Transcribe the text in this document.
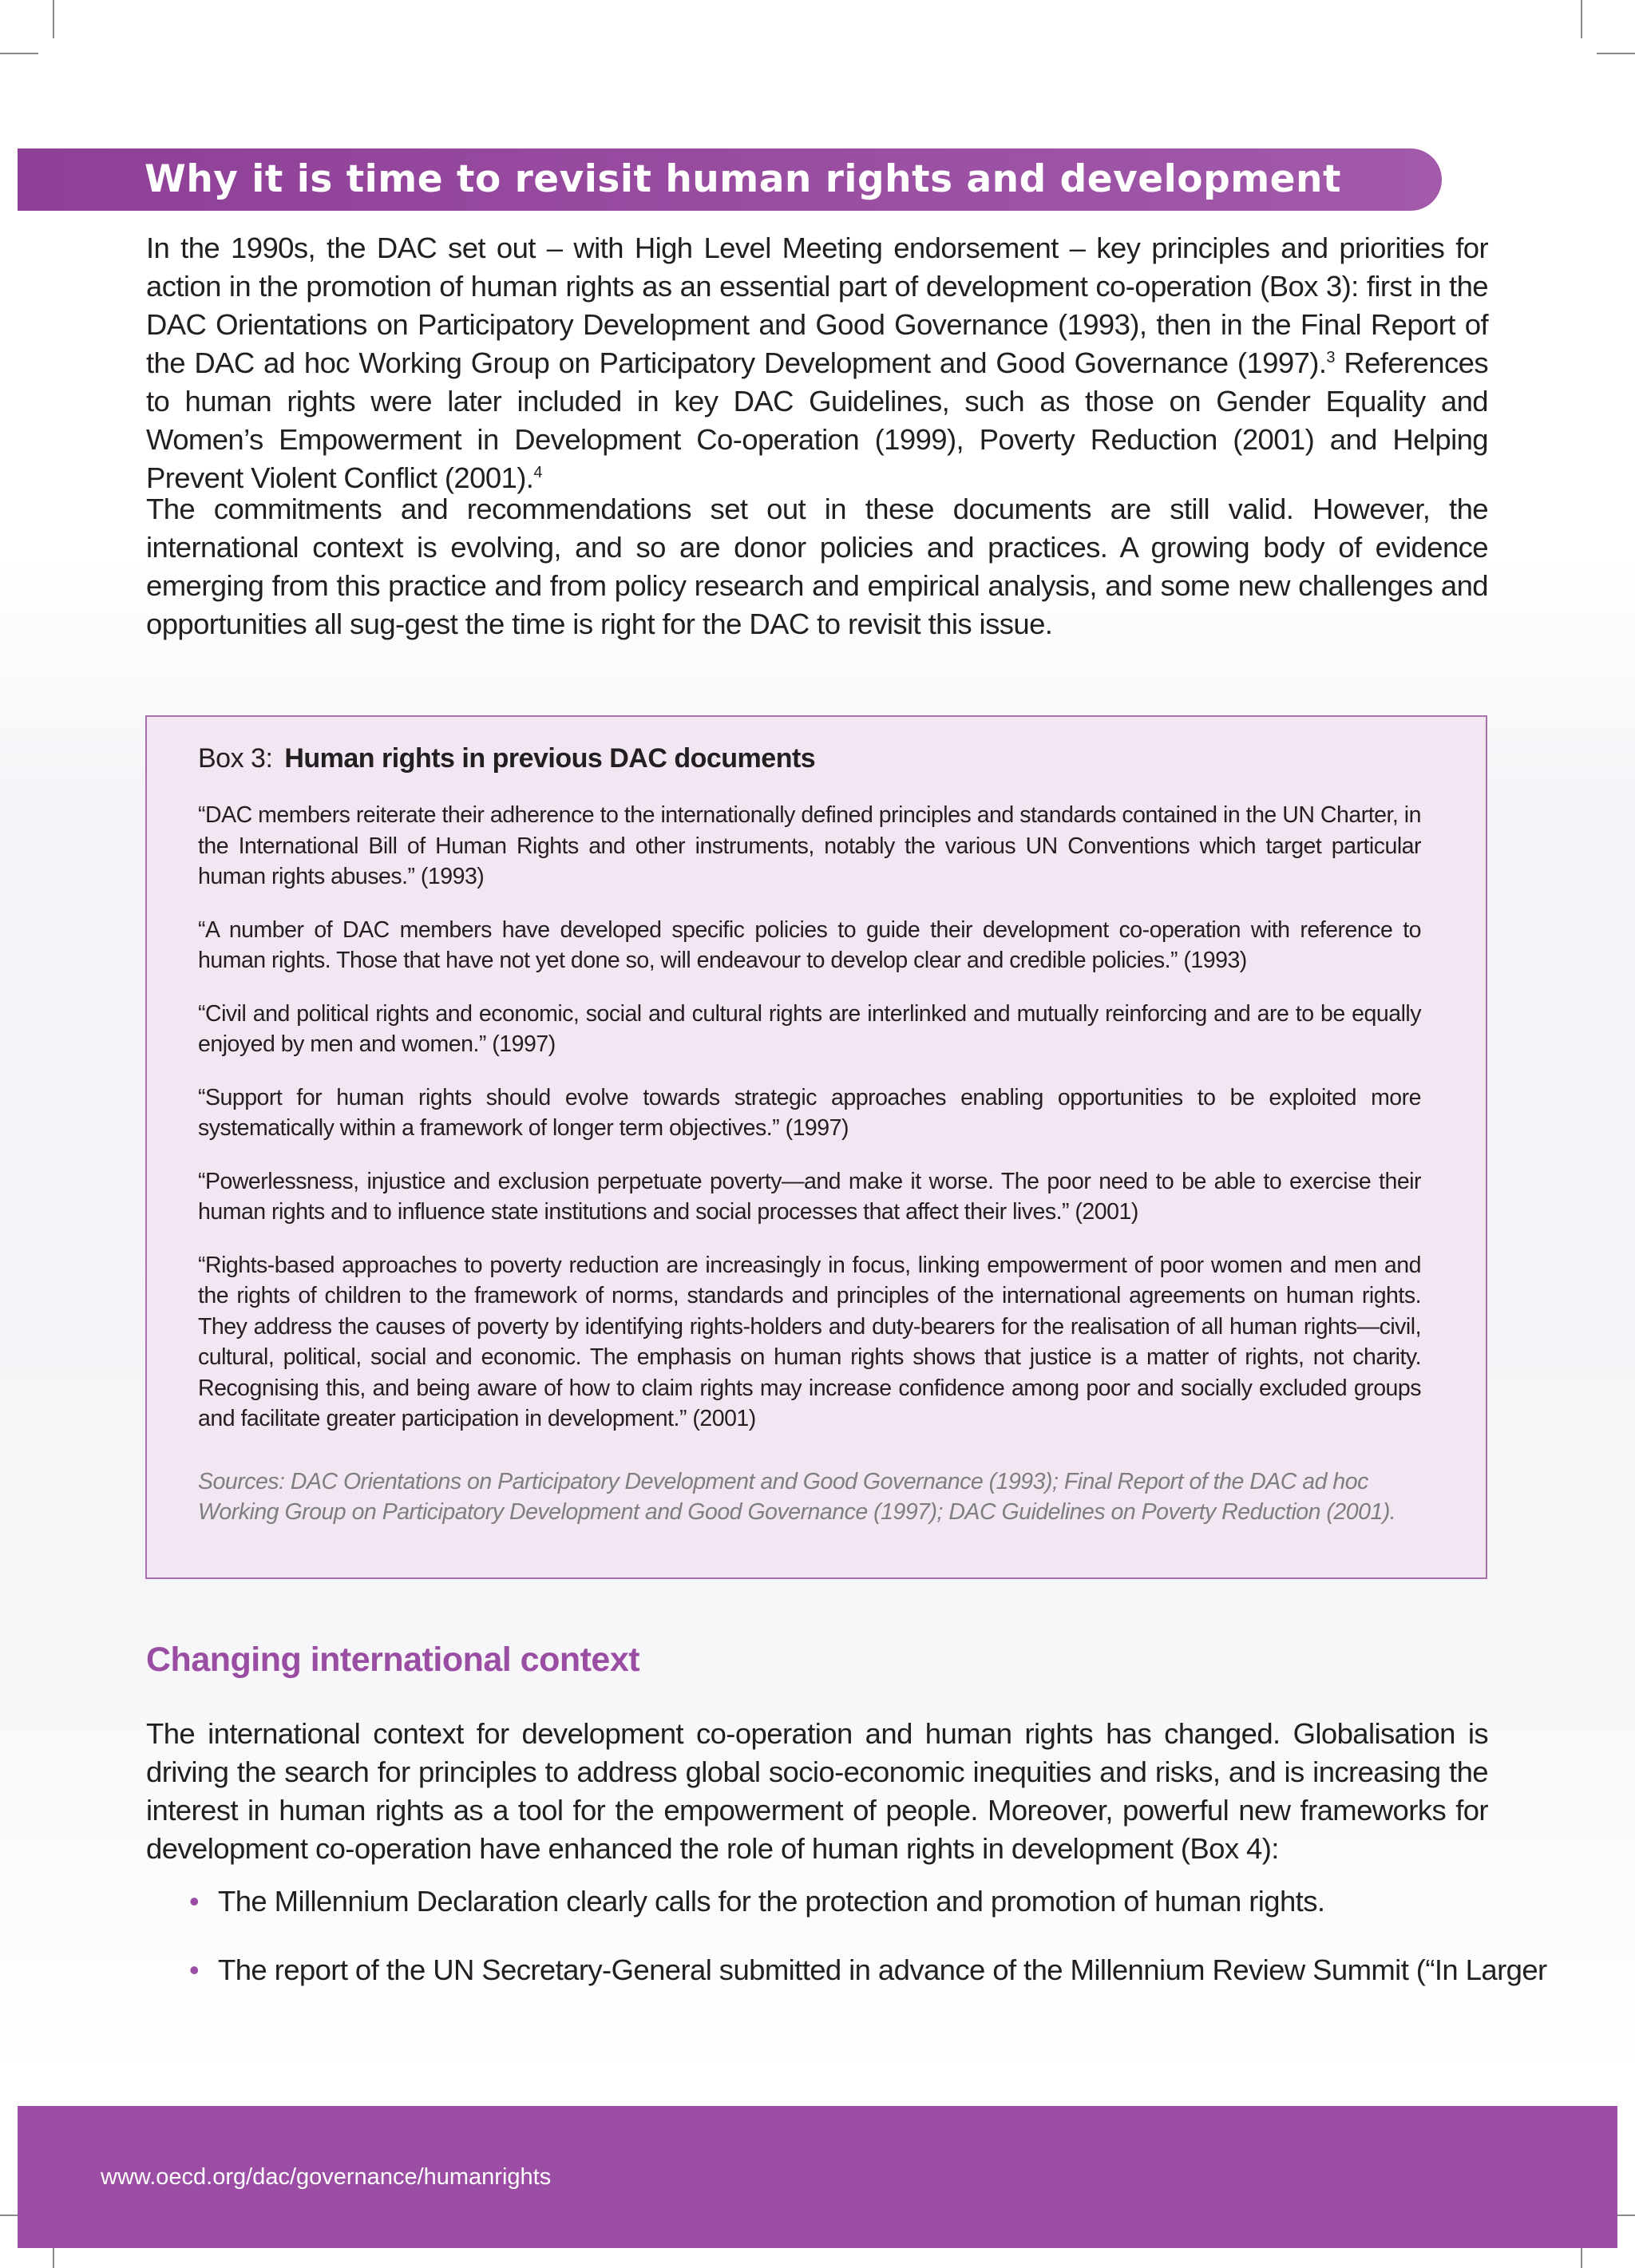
Why it is time to revisit human rights and development

In the 1990s, the DAC set out – with High Level Meeting endorsement – key principles and priorities for action in the promotion of human rights as an essential part of development co-operation (Box 3): first in the DAC Orientations on Participatory Development and Good Governance (1993), then in the Final Report of the DAC ad hoc Working Group on Participatory Development and Good Governance (1997).$^3$ References to human rights were later included in key DAC Guidelines, such as those on Gender Equality and Women’s Empowerment in Development Co-operation (1999), Poverty Reduction (2001) and Helping Prevent Violent Conflict (2001).$^4$

The commitments and recommendations set out in these documents are still valid. However, the international context is evolving, and so are donor policies and practices. A growing body of evidence emerging from this practice and from policy research and empirical analysis, and some new challenges and opportunities all sug-gest the time is right for the DAC to revisit this issue.

Box 3: Human rights in previous DAC documents

“DAC members reiterate their adherence to the internationally defined principles and standards contained in the UN Charter, in the International Bill of Human Rights and other instruments, notably the various UN Conventions which target particular human rights abuses.” (1993)

“A number of DAC members have developed specific policies to guide their development co-operation with reference to human rights. Those that have not yet done so, will endeavour to develop clear and credible policies.” (1993)

“Civil and political rights and economic, social and cultural rights are interlinked and mutually reinforcing and are to be equally enjoyed by men and women.” (1997)

“Support for human rights should evolve towards strategic approaches enabling opportunities to be exploited more systematically within a framework of longer term objectives.” (1997)

“Powerlessness, injustice and exclusion perpetuate poverty—and make it worse. The poor need to be able to exercise their human rights and to influence state institutions and social processes that affect their lives.” (2001)

“Rights-based approaches to poverty reduction are increasingly in focus, linking empowerment of poor women and men and the rights of children to the framework of norms, standards and principles of the international agreements on human rights. They address the causes of poverty by identifying rights-holders and duty-bearers for the realisation of all human rights—civil, cultural, political, social and economic. The emphasis on human rights shows that justice is a matter of rights, not charity. Recognising this, and being aware of how to claim rights may increase confidence among poor and socially excluded groups and facilitate greater participation in development.” (2001)

Sources: DAC Orientations on Participatory Development and Good Governance (1993); Final Report of the DAC ad hoc Working Group on Participatory Development and Good Governance (1997); DAC Guidelines on Poverty Reduction (2001).

Changing international context

The international context for development co-operation and human rights has changed. Globalisation is driving the search for principles to address global socio-economic inequities and risks, and is increasing the interest in human rights as a tool for the empowerment of people. Moreover, powerful new frameworks for development co-operation have enhanced the role of human rights in development (Box 4):

• The Millennium Declaration clearly calls for the protection and promotion of human rights.
• The report of the UN Secretary-General submitted in advance of the Millennium Review Summit (“In Larger
www.oecd.org/dac/governance/humanrights
